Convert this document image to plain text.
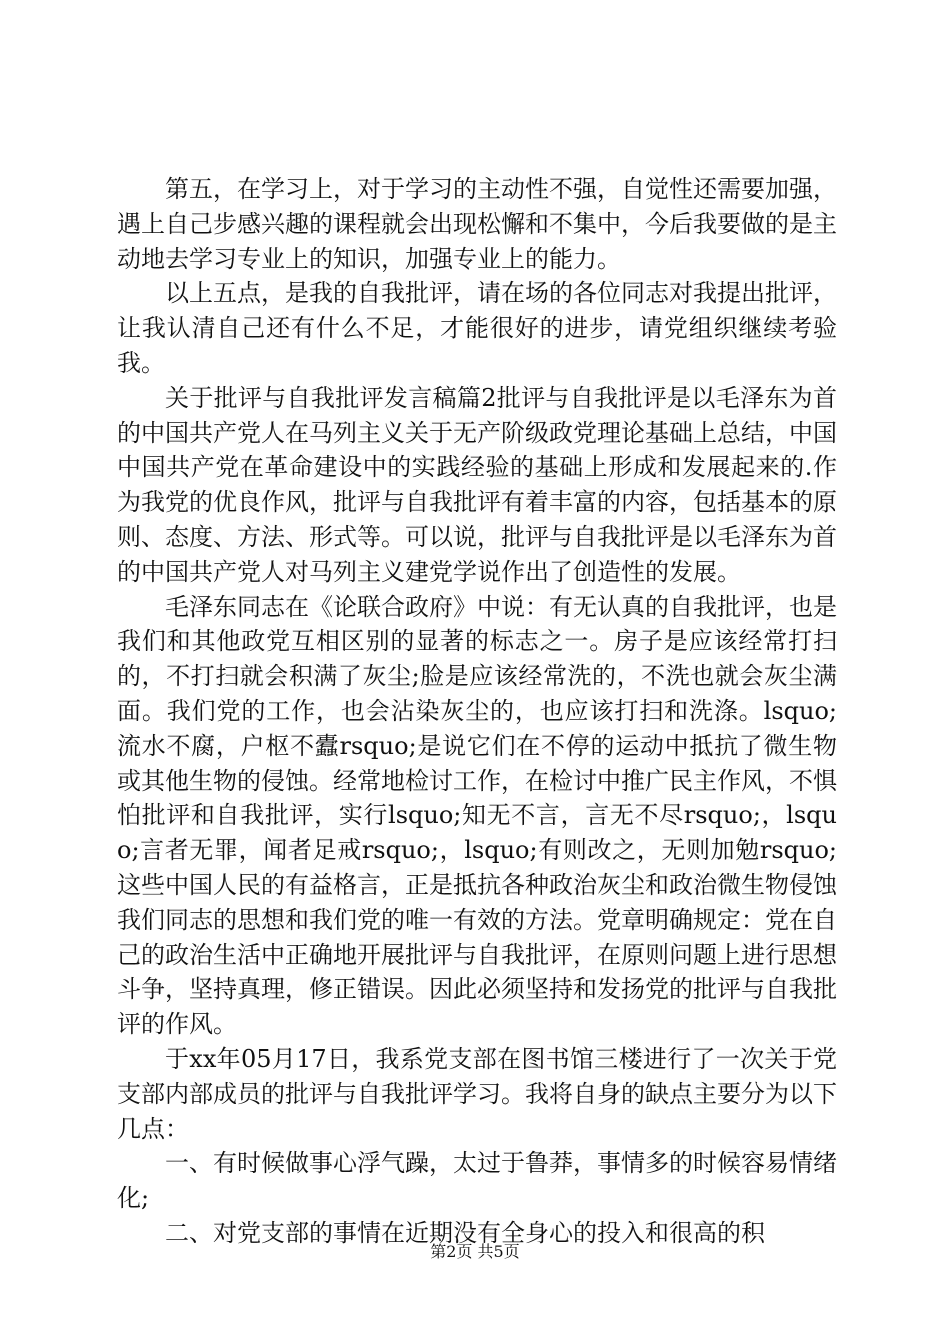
第五，在学习上，对于学习的主动性不强，自觉性还需要加强，遇上自己步感兴趣的课程就会出现松懈和不集中，今后我要做的是主动地去学习专业上的知识，加强专业上的能力。

以上五点，是我的自我批评，请在场的各位同志对我提出批评，让我认清自己还有什么不足，才能很好的进步，请党组织继续考验我。

关于批评与自我批评发言稿篇2批评与自我批评是以毛泽东为首的中国共产党人在马列主义关于无产阶级政党理论基础上总结，中国中国共产党在革命建设中的实践经验的基础上形成和发展起来的.作为我党的优良作风，批评与自我批评有着丰富的内容，包括基本的原则、态度、方法、形式等。可以说，批评与自我批评是以毛泽东为首的中国共产党人对马列主义建党学说作出了创造性的发展。

毛泽东同志在《论联合政府》中说：有无认真的自我批评，也是我们和其他政党互相区别的显著的标志之一。房子是应该经常打扫的，不打扫就会积满了灰尘;脸是应该经常洗的，不洗也就会灰尘满面。我们党的工作，也会沾染灰尘的，也应该打扫和洗涤。lsquo;流水不腐，户枢不蠹rsquo;是说它们在不停的运动中抵抗了微生物或其他生物的侵蚀。经常地检讨工作，在检讨中推广民主作风，不惧怕批评和自我批评，实行lsquo;知无不言，言无不尽rsquo;，lsquo;言者无罪，闻者足戒rsquo;，lsquo;有则改之，无则加勉rsquo;这些中国人民的有益格言，正是抵抗各种政治灰尘和政治微生物侵蚀我们同志的思想和我们党的唯一有效的方法。党章明确规定：党在自己的政治生活中正确地开展批评与自我批评，在原则问题上进行思想斗争，坚持真理，修正错误。因此必须坚持和发扬党的批评与自我批评的作风。

于xx年05月17日，我系党支部在图书馆三楼进行了一次关于党支部内部成员的批评与自我批评学习。我将自身的缺点主要分为以下几点：

一、有时候做事心浮气躁，太过于鲁莽，事情多的时候容易情绪化;

二、对党支部的事情在近期没有全身心的投入和很高的积

第2页 共5页
